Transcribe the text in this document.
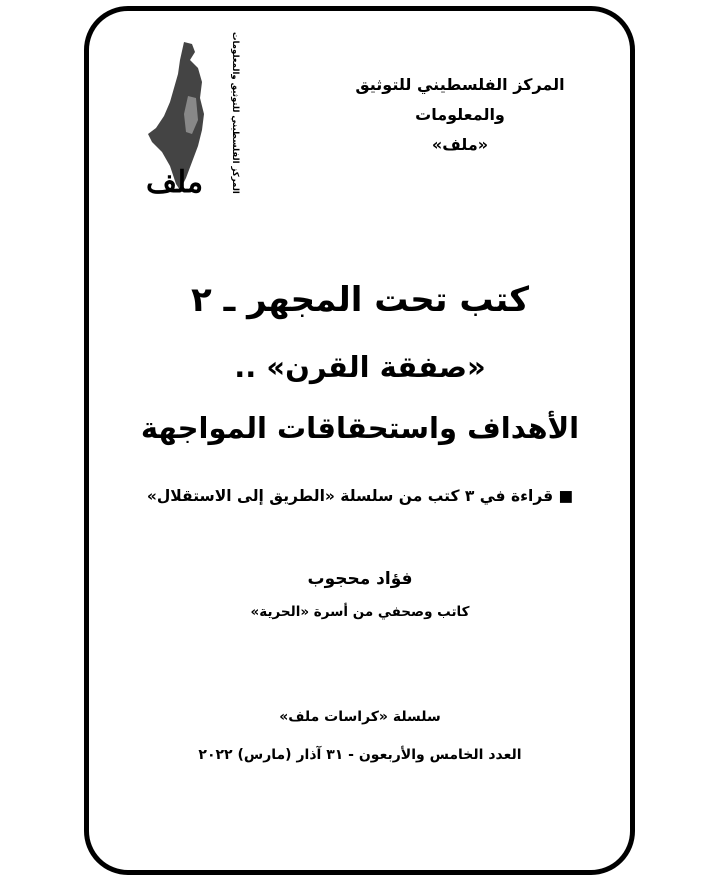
المركز الفلسطيني للتوثيق والمعلومات
«ملف»
المركز الفلسطيني للتوثيق والمعلومات
ملف
كتب تحت المجهر ـ ٢
«صفقة القرن» ..
الأهداف واستحقاقات المواجهة
■ قراءة في ٣ كتب من سلسلة «الطريق إلى الاستقلال»
فؤاد محجوب
كاتب وصحفي من أسرة «الحرية»
سلسلة «كراسات ملف»
العدد الخامس والأربعون - ٣١ آذار (مارس) ٢٠٢٢
